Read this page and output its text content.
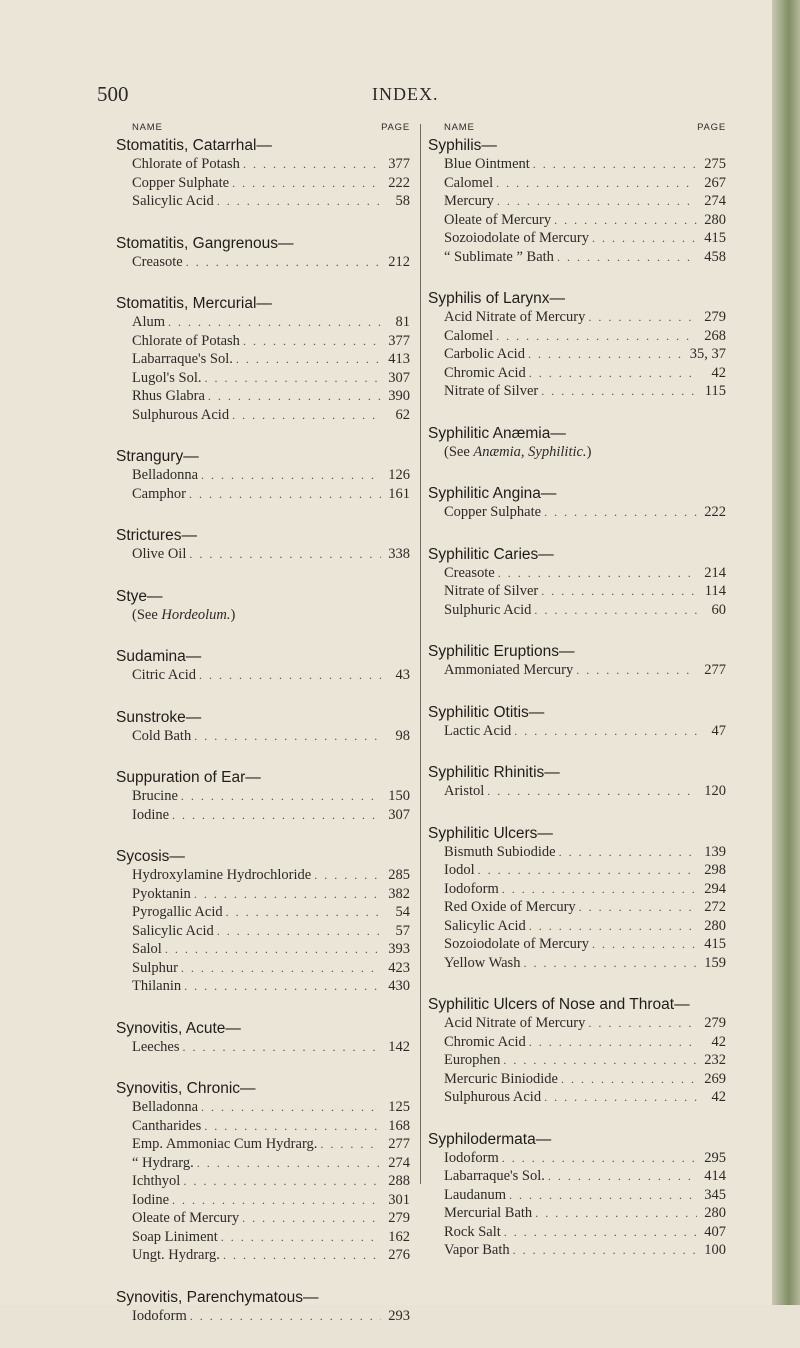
500	INDEX.
NAME	PAGE
Stomatitis, Catarrhal—
Chlorate of Potash . . .	377
Copper Sulphate . . .	222
Salicylic Acid . . .	58
Stomatitis, Gangrenous—
Creasote . . .	212
Stomatitis, Mercurial—
Alum . . .	81
Chlorate of Potash . . .	377
Labarraque's Sol. . . .	413
Lugol's Sol. . . .	307
Rhus Glabra . . .	390
Sulphurous Acid . . .	62
Strangury—
Belladonna . . .	126
Camphor . . .	161
Strictures—
Olive Oil . . .	338
Stye—
(See Hordeolum.)
Sudamina—
Citric Acid . . .	43
Sunstroke—
Cold Bath . . .	98
Suppuration of Ear—
Brucine . . .	150
Iodine . . .	307
Sycosis—
Hydroxylamine Hydrochloride . . .	285
Pyoktanin . . .	382
Pyrogallic Acid . . .	54
Salicylic Acid . . .	57
Salol . . .	393
Sulphur . . .	423
Thilanin . . .	430
Synovitis, Acute—
Leeches . . .	142
Synovitis, Chronic—
Belladonna . . .	125
Cantharides . . .	168
Emp. Ammoniac Cum Hydrarg. . . .	277
“ Hydrarg. . . .	274
Ichthyol . . .	288
Iodine . . .	301
Oleate of Mercury . . .	279
Soap Liniment . . .	162
Ungt. Hydrarg. . . .	276
Synovitis, Parenchymatous—
Iodoform . . .	293
NAME	PAGE
Syphilis—
Blue Ointment . . .	275
Calomel . . .	267
Mercury . . .	274
Oleate of Mercury . . .	280
Sozoiodolate of Mercury . . .	415
“ Sublimate ” Bath . . .	458
Syphilis of Larynx—
Acid Nitrate of Mercury . . .	279
Calomel . . .	268
Carbolic Acid . . .	35, 37
Chromic Acid . . .	42
Nitrate of Silver . . .	115
Syphilitic Anæmia—
(See Anæmia, Syphilitic.)
Syphilitic Angina—
Copper Sulphate . . .	222
Syphilitic Caries—
Creasote . . .	214
Nitrate of Silver . . .	114
Sulphuric Acid . . .	60
Syphilitic Eruptions—
Ammoniated Mercury . . .	277
Syphilitic Otitis—
Lactic Acid . . .	47
Syphilitic Rhinitis—
Aristol . . .	120
Syphilitic Ulcers—
Bismuth Subiodide . . .	139
Iodol . . .	298
Iodoform . . .	294
Red Oxide of Mercury . . .	272
Salicylic Acid . . .	280
Sozoiodolate of Mercury . . .	415
Yellow Wash . . .	159
Syphilitic Ulcers of Nose and Throat—
Acid Nitrate of Mercury . . .	279
Chromic Acid . . .	42
Europhen . . .	232
Mercuric Biniodide . . .	269
Sulphurous Acid . . .	42
Syphilodermata—
Iodoform . . .	295
Labarraque's Sol. . . .	414
Laudanum . . .	345
Mercurial Bath . . .	280
Rock Salt . . .	407
Vapor Bath . . .	100
